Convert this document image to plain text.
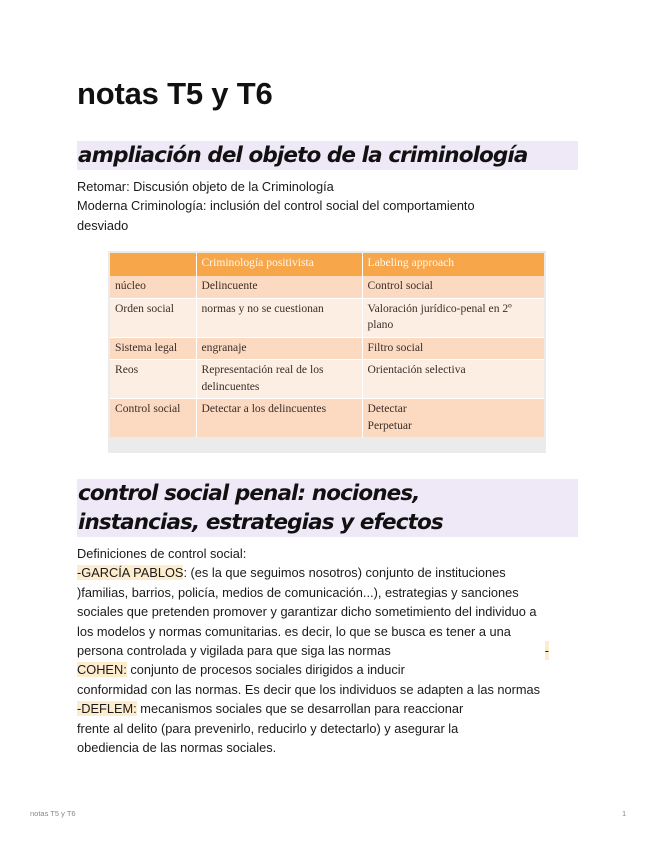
notas T5 y T6
ampliación del objeto de la criminología
Retomar: Discusión objeto de la Criminología
Moderna Criminología: inclusión del control social del comportamiento
desviado
	Criminología positivista	Labeling approach
núcleo	Delincuente	Control social
Orden social	normas y no se cuestionan	Valoración jurídico-penal en 2º plano
Sistema legal	engranaje	Filtro social
Reos	Representación real de los delincuentes	Orientación selectiva
Control social	Detectar a los delincuentes	Detectar
Perpetuar
control social penal: nociones,
instancias, estrategias y efectos
Definiciones de control social:
-GARCÍA PABLOS: (es la que seguimos nosotros) conjunto de instituciones
)familias, barrios, policía, medios de comunicación...), estrategias y sanciones
sociales que pretenden promover y garantizar dicho sometimiento del individuo a
los modelos y normas comunitarias. es decir, lo que se busca es tener a una
persona controlada y vigilada para que siga las normas	-
COHEN: conjunto de procesos sociales dirigidos a inducir
conformidad con las normas. Es decir que los individuos se adapten a las normas
-DEFLEM: mecanismos sociales que se desarrollan para reaccionar
frente al delito (para prevenirlo, reducirlo y detectarlo) y asegurar la
obediencia de las normas sociales.
notas T5 y T6	1
